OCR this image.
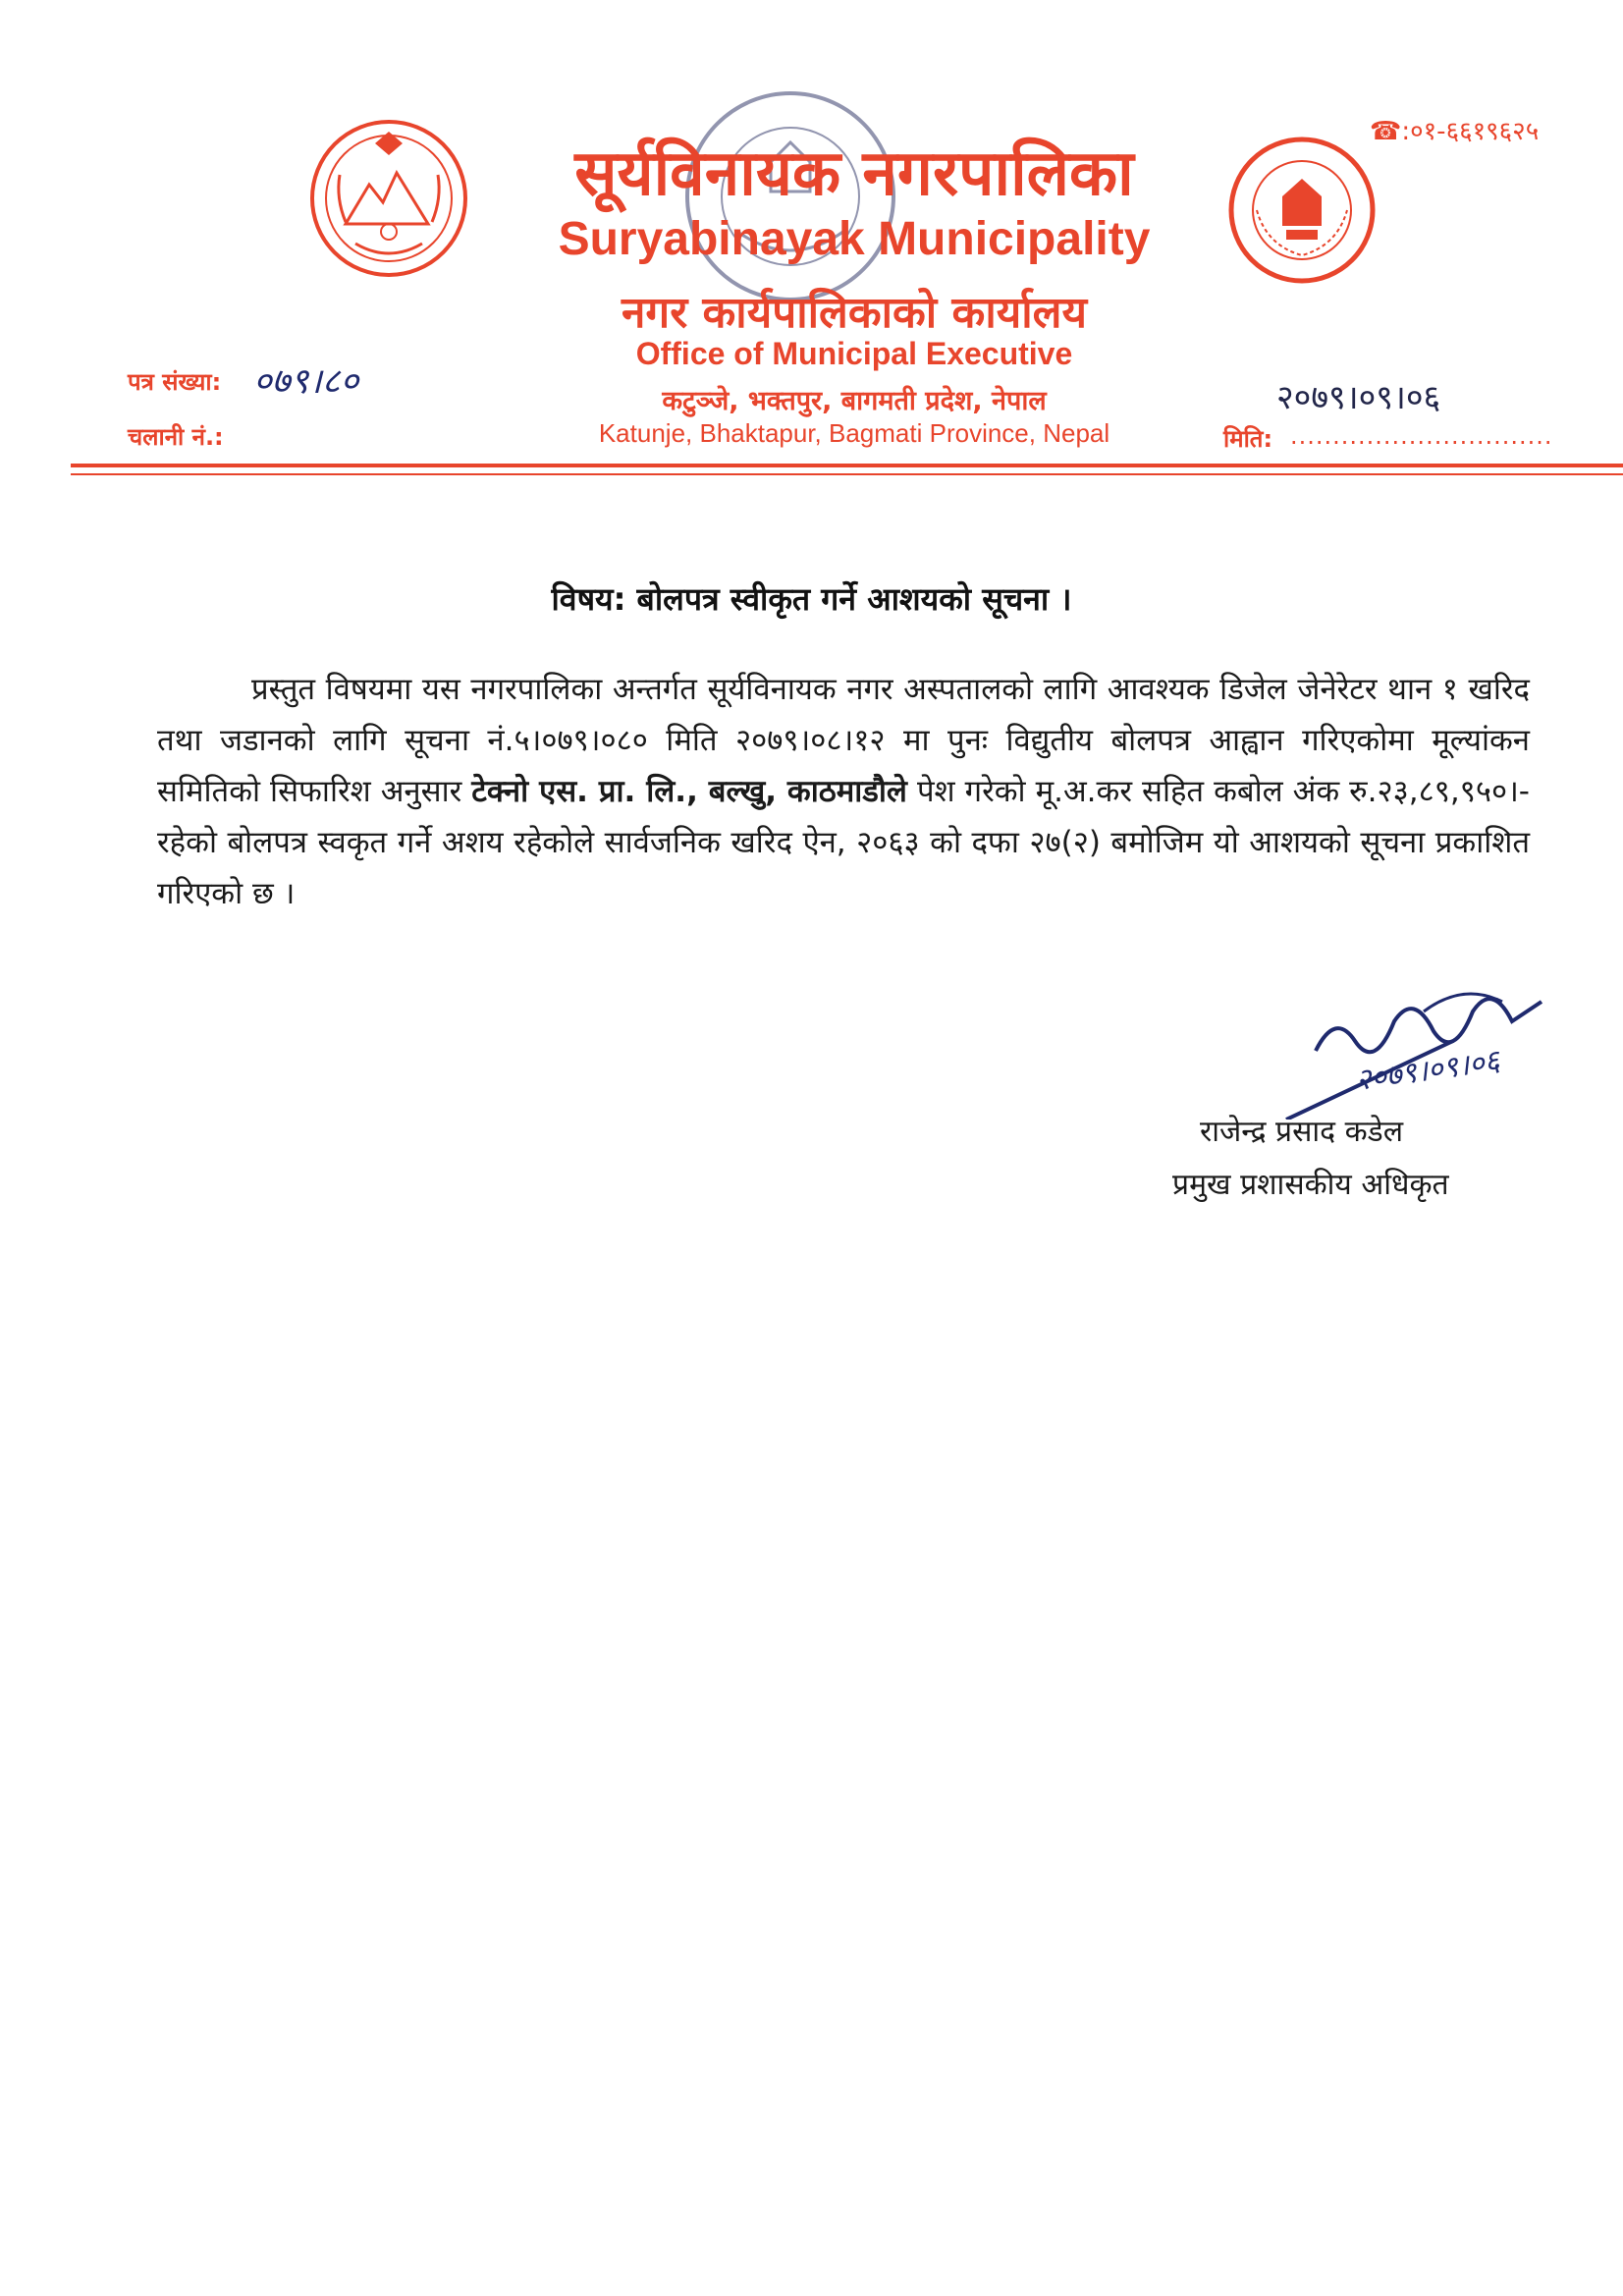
☎:०१-६६१९६२५
सूर्यविनायक नगरपालिका
Suryabinayak Municipality
नगर कार्यपालिकाको कार्यालय
Office of Municipal Executive
कटुञ्जे, भक्तपुर, बागमती प्रदेश, नेपाल
Katunje, Bhaktapur, Bagmati Province, Nepal
पत्र संख्या: ०७९।८०
चलानी नं.:
२०७९।०९।०६
मिति: ...............................
विषय: बोलपत्र स्वीकृत गर्ने आशयको सूचना ।
प्रस्तुत विषयमा यस नगरपालिका अन्तर्गत सूर्यविनायक नगर अस्पतालको लागि आवश्यक डिजेल जेनेरेटर थान १ खरिद तथा जडानको लागि सूचना नं.५।०७९।०८० मिति २०७९।०८।१२ मा पुनः विद्युतीय बोलपत्र आह्वान गरिएकोमा मूल्यांकन समितिको सिफारिश अनुसार टेक्नो एस. प्रा. लि., बल्खु, काठमाडौले पेश गरेको मू.अ.कर सहित कबोल अंक रु.२३,८९,९५०।- रहेको बोलपत्र स्वकृत गर्ने अशय रहेकोले सार्वजनिक खरिद ऐन, २०६३ को दफा २७(२) बमोजिम यो आशयको सूचना प्रकाशित गरिएको छ ।
२०७९।०९।०६
राजेन्द्र प्रसाद कडेल
प्रमुख प्रशासकीय अधिकृत
